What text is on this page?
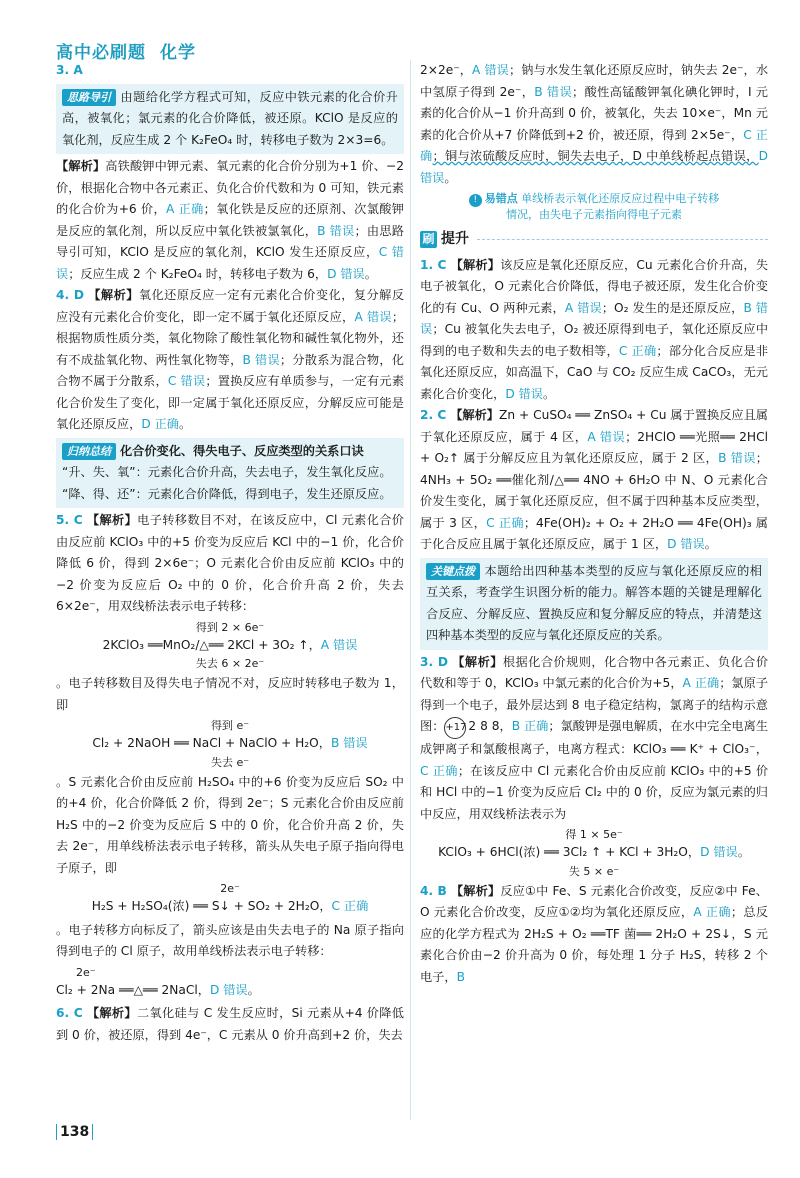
高中必刷题 化学

3. A

思路导引 由题给化学方程式可知，反应中铁元素的化合价升高，被氧化；氯元素的化合价降低，被还原。KClO 是反应的氧化剂，反应生成 2 个 K₂FeO₄ 时，转移电子数为 2×3=6。

【解析】高铁酸钾中钾元素、氧元素的化合价分别为+1 价、−2 价，根据化合物中各元素正、负化合价代数和为 0 可知，铁元素的化合价为+6 价，A 正确；氧化铁是反应的还原剂、次氯酸钾是反应的氧化剂，所以反应中氧化铁被氯氧化，B 错误；由思路导引可知，KClO 是反应的氧化剂，KClO 发生还原反应，C 错误；反应生成 2 个 K₂FeO₄ 时，转移电子数为 6，D 错误。

4. D 【解析】氧化还原反应一定有元素化合价变化，复分解反应没有元素化合价变化，即一定不属于氧化还原反应，A 错误；根据物质性质分类，氧化物除了酸性氧化物和碱性氧化物外，还有不成盐氧化物、两性氧化物等，B 错误；分散系为混合物，化合物不属于分散系，C 错误；置换反应有单质参与，一定有元素化合价发生了变化，即一定属于氧化还原反应，分解反应可能是氧化还原反应，D 正确。

归纳总结 化合价变化、得失电子、反应类型的关系口诀

“升、失、氧”：元素化合价升高，失去电子，发生氧化反应。

“降、得、还”：元素化合价降低，得到电子，发生还原反应。

5. C 【解析】电子转移数目不对，在该反应中，Cl 元素化合价由反应前 KClO₃ 中的+5 价变为反应后 KCl 中的−1 价，化合价降低 6 价，得到 2×6e⁻；O 元素化合价由反应前 KClO₃ 中的−2 价变为反应后 O₂ 中的 0 价，化合价升高 2 价，失去 6×2e⁻，用双线桥法表示电子转移：

得到 2 × 6e⁻
2KClO₃ ══MnO₂/△══ 2KCl + 3O₂ ↑，A 错误
失去 6 × 2e⁻

。电子转移数目及得失电子情况不对，反应时转移电子数为 1，即

得到 e⁻
Cl₂ + 2NaOH ══ NaCl + NaClO + H₂O，B 错误
失去 e⁻

。S 元素化合价由反应前 H₂SO₄ 中的+6 价变为反应后 SO₂ 中的+4 价，化合价降低 2 价，得到 2e⁻；S 元素化合价由反应前 H₂S 中的−2 价变为反应后 S 中的 0 价，化合价升高 2 价，失去 2e⁻，用单线桥法表示电子转移，箭头从失电子原子指向得电子原子，即

2e⁻
H₂S + H₂SO₄(浓) ══ S↓ + SO₂ + 2H₂O，C 正确

。电子转移方向标反了，箭头应该是由失去电子的 Na 原子指向得到电子的 Cl 原子，故用单线桥法表示电子转移：

2e⁻
Cl₂ + 2Na ══△══ 2NaCl，D 错误。

6. C 【解析】二氧化硅与 C 发生反应时，Si 元素从+4 价降低到 0 价，被还原，得到 4e⁻，C 元素从 0 价升高到+2 价，失去

2×2e⁻，A 错误；钠与水发生氧化还原反应时，钠失去 2e⁻，水中氢原子得到 2e⁻，B 错误；酸性高锰酸钾氧化碘化钾时，I 元素的化合价从−1 价升高到 0 价，被氧化，失去 10×e⁻，Mn 元素的化合价从+7 价降低到+2 价，被还原，得到 2×5e⁻，C 正确；铜与浓硫酸反应时，铜失去电子，D 中单线桥起点错误，D 错误。

! 易错点 单线桥表示氧化还原反应过程中电子转移
情况，由失电子元素指向得电子元素
刷 提升

1. C 【解析】该反应是氧化还原反应，Cu 元素化合价升高，失电子被氧化，O 元素化合价降低，得电子被还原，发生化合价变化的有 Cu、O 两种元素，A 错误；O₂ 发生的是还原反应，B 错误；Cu 被氧化失去电子，O₂ 被还原得到电子，氧化还原反应中得到的电子数和失去的电子数相等，C 正确；部分化合反应是非氧化还原反应，如高温下，CaO 与 CO₂ 反应生成 CaCO₃，无元素化合价变化，D 错误。

2. C 【解析】Zn + CuSO₄ ══ ZnSO₄ + Cu 属于置换反应且属于氧化还原反应，属于 4 区，A 错误；2HClO ══光照══ 2HCl + O₂↑ 属于分解反应且为氧化还原反应，属于 2 区，B 错误；4NH₃ + 5O₂ ══催化剂/△══ 4NO + 6H₂O 中 N、O 元素化合价发生变化，属于氧化还原反应，但不属于四种基本反应类型，属于 3 区，C 正确；4Fe(OH)₂ + O₂ + 2H₂O ══ 4Fe(OH)₃ 属于化合反应且属于氧化还原反应，属于 1 区，D 错误。

关键点拨 本题给出四种基本类型的反应与氧化还原反应的相互关系，考查学生识图分析的能力。解答本题的关键是理解化合反应、分解反应、置换反应和复分解反应的特点，并清楚这四种基本类型的反应与氧化还原反应的关系。

3. D 【解析】根据化合价规则，化合物中各元素正、负化合价代数和等于 0，KClO₃ 中氯元素的化合价为+5，A 正确；氯原子得到一个电子，最外层达到 8 电子稳定结构，氯离子的结构示意图：+17 2 8 8，B 正确；氯酸钾是强电解质，在水中完全电离生成钾离子和氯酸根离子，电离方程式：KClO₃ ══ K⁺ + ClO₃⁻，C 正确；在该反应中 Cl 元素化合价由反应前 KClO₃ 中的+5 价和 HCl 中的−1 价变为反应后 Cl₂ 中的 0 价，反应为氯元素的归中反应，用双线桥法表示为

得 1 × 5e⁻
KClO₃ + 6HCl(浓) ══ 3Cl₂ ↑ + KCl + 3H₂O，D 错误。
失 5 × e⁻

4. B 【解析】反应①中 Fe、S 元素化合价改变，反应②中 Fe、O 元素化合价改变，反应①②均为氧化还原反应，A 正确；总反应的化学方程式为 2H₂S + O₂ ══TF 菌══ 2H₂O + 2S↓，S 元素化合价由−2 价升高为 0 价，每处理 1 分子 H₂S，转移 2 个电子，B

138
